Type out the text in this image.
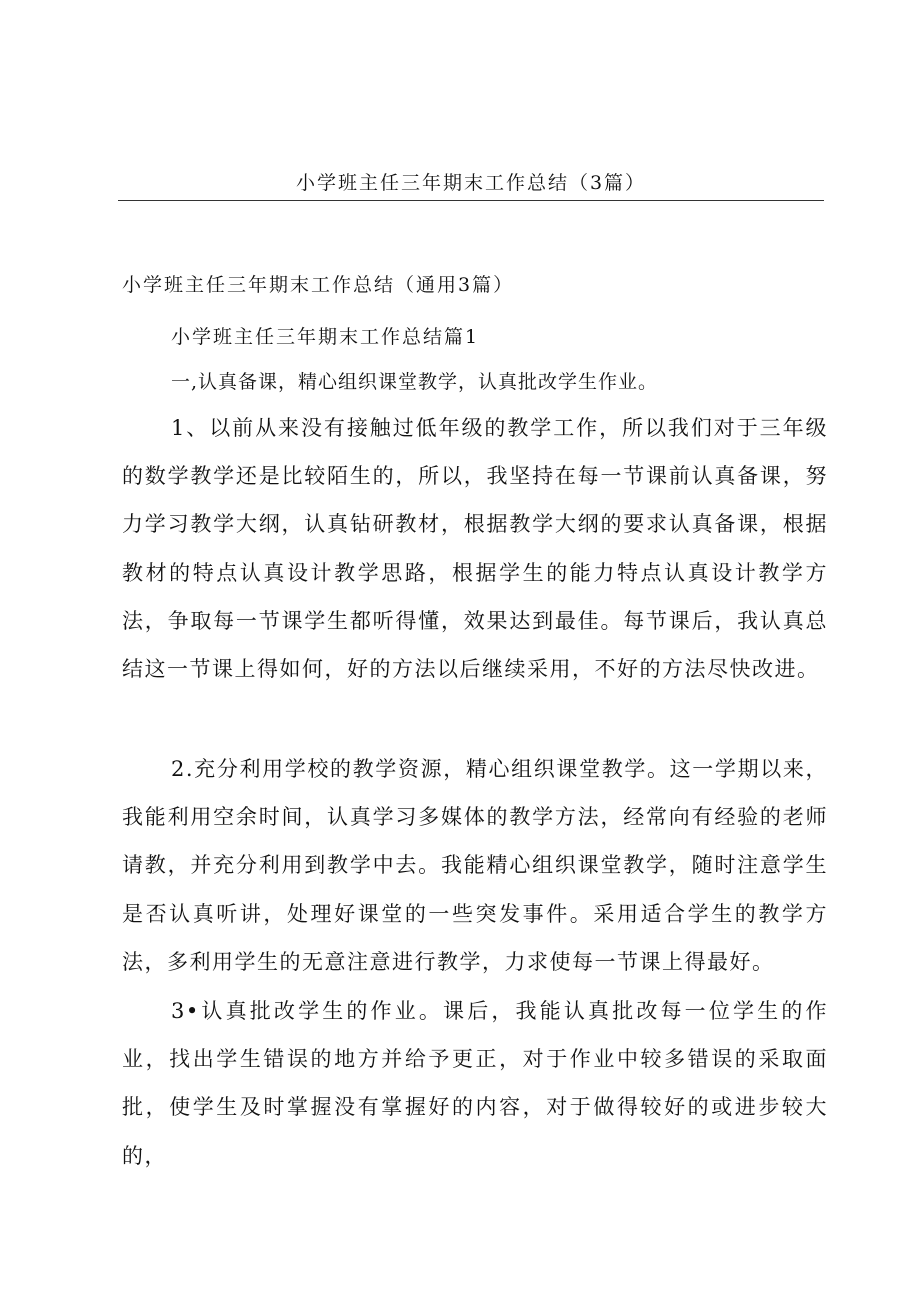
小学班主任三年期末工作总结（3篇）
小学班主任三年期末工作总结（通用3篇）
小学班主任三年期末工作总结篇1
一,认真备课，精心组织课堂教学，认真批改学生作业。

1、以前从来没有接触过低年级的教学工作，所以我们对于三年级的数学教学还是比较陌生的，所以，我坚持在每一节课前认真备课，努力学习教学大纲，认真钻研教材，根据教学大纲的要求认真备课，根据教材的特点认真设计教学思路，根据学生的能力特点认真设计教学方法，争取每一节课学生都听得懂，效果达到最佳。每节课后，我认真总结这一节课上得如何，好的方法以后继续采用，不好的方法尽快改进。

2.充分利用学校的教学资源，精心组织课堂教学。这一学期以来，我能利用空余时间，认真学习多媒体的教学方法，经常向有经验的老师请教，并充分利用到教学中去。我能精心组织课堂教学，随时注意学生是否认真听讲，处理好课堂的一些突发事件。采用适合学生的教学方法，多利用学生的无意注意进行教学，力求使每一节课上得最好。

3•认真批改学生的作业。课后，我能认真批改每一位学生的作业，找出学生错误的地方并给予更正，对于作业中较多错误的采取面批，使学生及时掌握没有掌握好的内容，对于做得较好的或进步较大的，
